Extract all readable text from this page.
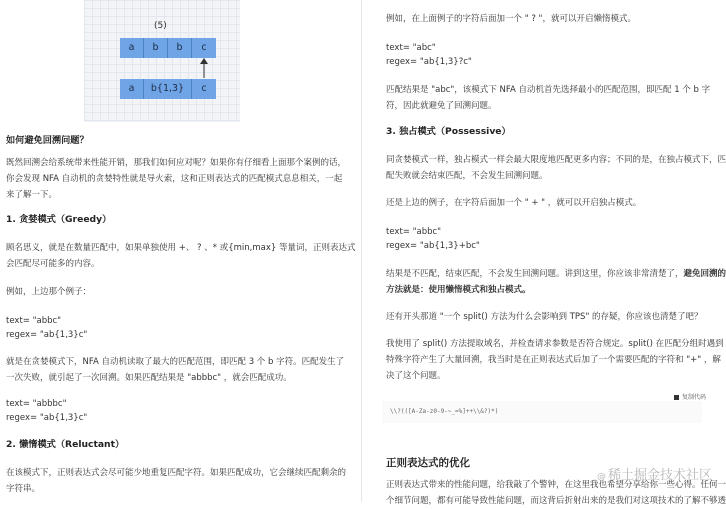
(5)
a	b	b	c
a	b{1,3}	c
如何避免回溯问题？
既然回溯会给系统带来性能开销，那我们如何应对呢？如果你有仔细看上面那个案例的话，
你会发现 NFA 自动机的贪婪特性就是导火索，这和正则表达式的匹配模式息息相关，一起
来了解一下。
1. 贪婪模式（Greedy）
顾名思义，就是在数量匹配中，如果单独使用 +、 ? 、* 或{min,max} 等量词，正则表达式
会匹配尽可能多的内容。
例如，上边那个例子：
text= "abbc"
regex= "ab{1,3}c"
就是在贪婪模式下，NFA 自动机读取了最大的匹配范围，即匹配 3 个 b 字符。匹配发生了
一次失败，就引起了一次回溯。如果匹配结果是 "abbbc" ，就会匹配成功。
text= "abbbc"
regex= "ab{1,3}c"
2. 懒惰模式（Reluctant）
在该模式下，正则表达式会尽可能少地重复匹配字符。如果匹配成功，它会继续匹配剩余的
字符串。
例如，在上面例子的字符后面加一个 " ? "，就可以开启懒惰模式。
text= "abc"
regex= "ab{1,3}?c"
匹配结果是 "abc"，该模式下 NFA 自动机首先选择最小的匹配范围，即匹配 1 个 b 字
符，因此就避免了回溯问题。
3. 独占模式（Possessive）
同贪婪模式一样，独占模式一样会最大限度地匹配更多内容；不同的是，在独占模式下，匹
配失败就会结束匹配，不会发生回溯问题。
还是上边的例子，在字符后面加一个 " + " ，就可以开启独占模式。
text= "abbc"
regex= "ab{1,3}+bc"
结果是不匹配，结束匹配，不会发生回溯问题。讲到这里，你应该非常清楚了，避免回溯的
方法就是：使用懒惰模式和独占模式。
还有开头那道 "一个 split() 方法为什么会影响到 TPS" 的存疑，你应该也清楚了吧？
我使用了 split() 方法提取域名，并检查请求参数是否符合规定。split() 在匹配分组时遇到
特殊字符产生了大量回溯，我当时是在正则表达式后加了一个需要匹配的字符和 "+" ，解
决了这个问题。
复制代码
\\?(([A-Za-z0-9-~_=%]++\\&?)*)
正则表达式的优化
正则表达式带来的性能问题，给我敲了个警钟，在这里我也希望分享给你一些心得。任何一
个细节问题，都有可能导致性能问题，而这背后折射出来的是我们对这项技术的了解不够透
@ 稀土掘金技术社区
